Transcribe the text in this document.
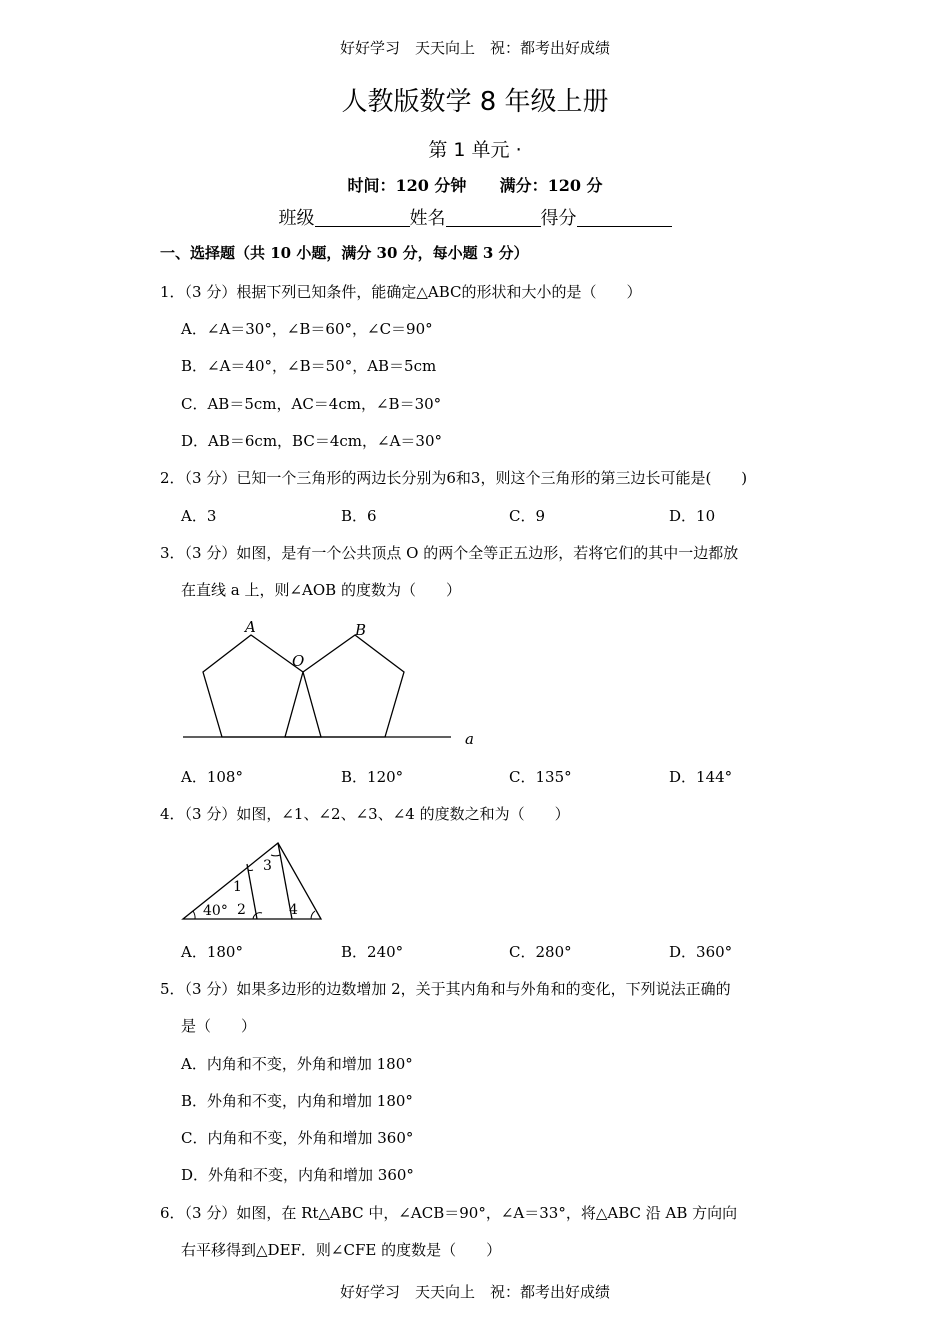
好好学习　天天向上　祝：都考出好成绩
人教版数学 8 年级上册
第 1 单元 ·
时间：120 分钟 满分：120 分
班级	姓名	得分
一、选择题（共 10 小题，满分 30 分，每小题 3 分）
1．（3 分）根据下列已知条件，能确定△ABC的形状和大小的是（　　）
A．∠A＝30°，∠B＝60°，∠C＝90°
B．∠A＝40°，∠B＝50°，AB＝5cm
C．AB＝5cm，AC＝4cm，∠B＝30°
D．AB＝6cm，BC＝4cm，∠A＝30°
2．（3 分）已知一个三角形的两边长分别为6和3，则这个三角形的第三边长可能是(　　)
A．3	B．6	C．9	D．10
3．（3 分）如图，是有一个公共顶点 O 的两个全等正五边形，若将它们的其中一边都放
在直线 a 上，则∠AOB 的度数为（　　）
A	B
O
a
A．108°	B．120°	C．135°	D．144°
4．（3 分）如图，∠1、∠2、∠3、∠4 的度数之和为（　　）
40°
1
2
3
4
A．180°	B．240°	C．280°	D．360°
5．（3 分）如果多边形的边数增加 2，关于其内角和与外角和的变化，下列说法正确的
是（　　）
A．内角和不变，外角和增加 180°
B．外角和不变，内角和增加 180°
C．内角和不变，外角和增加 360°
D．外角和不变，内角和增加 360°
6．（3 分）如图，在 Rt△ABC 中，∠ACB＝90°，∠A＝33°，将△ABC 沿 AB 方向向
右平移得到△DEF．则∠CFE 的度数是（　　）
好好学习　天天向上　祝：都考出好成绩
